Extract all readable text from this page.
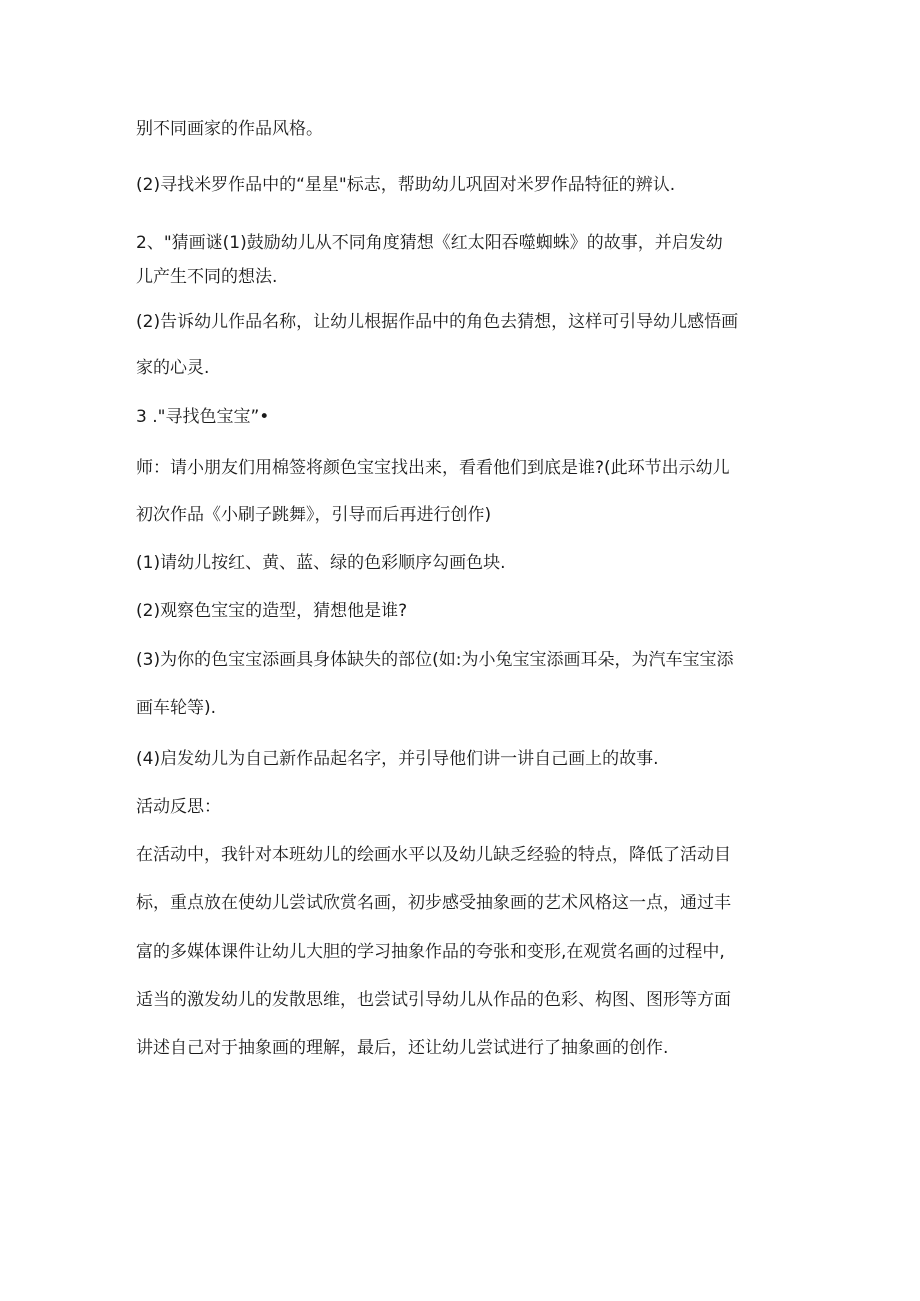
别不同画家的作品风格。
(2)寻找米罗作品中的“星星"标志，帮助幼儿巩固对米罗作品特征的辨认.
2、"猜画谜(1)鼓励幼儿从不同角度猜想《红太阳吞噬蜘蛛》的故事，并启发幼
儿产生不同的想法.
(2)告诉幼儿作品名称，让幼儿根据作品中的角色去猜想，这样可引导幼儿感悟画
家的心灵.
3 ."寻找色宝宝”•
师：请小朋友们用棉签将颜色宝宝找出来，看看他们到底是谁?(此环节出示幼儿
初次作品《小刷子跳舞》，引导而后再进行创作)
(1)请幼儿按红、黄、蓝、绿的色彩顺序勾画色块.
(2)观察色宝宝的造型，猜想他是谁?
(3)为你的色宝宝添画具身体缺失的部位(如:为小兔宝宝添画耳朵，为汽车宝宝添
画车轮等).
(4)启发幼儿为自己新作品起名字，并引导他们讲一讲自己画上的故事.
活动反思：
在活动中，我针对本班幼儿的绘画水平以及幼儿缺乏经验的特点，降低了活动目
标，重点放在使幼儿尝试欣赏名画，初步感受抽象画的艺术风格这一点，通过丰
富的多媒体课件让幼儿大胆的学习抽象作品的夸张和变形,在观赏名画的过程中,
适当的激发幼儿的发散思维，也尝试引导幼儿从作品的色彩、构图、图形等方面
讲述自己对于抽象画的理解，最后，还让幼儿尝试进行了抽象画的创作.
